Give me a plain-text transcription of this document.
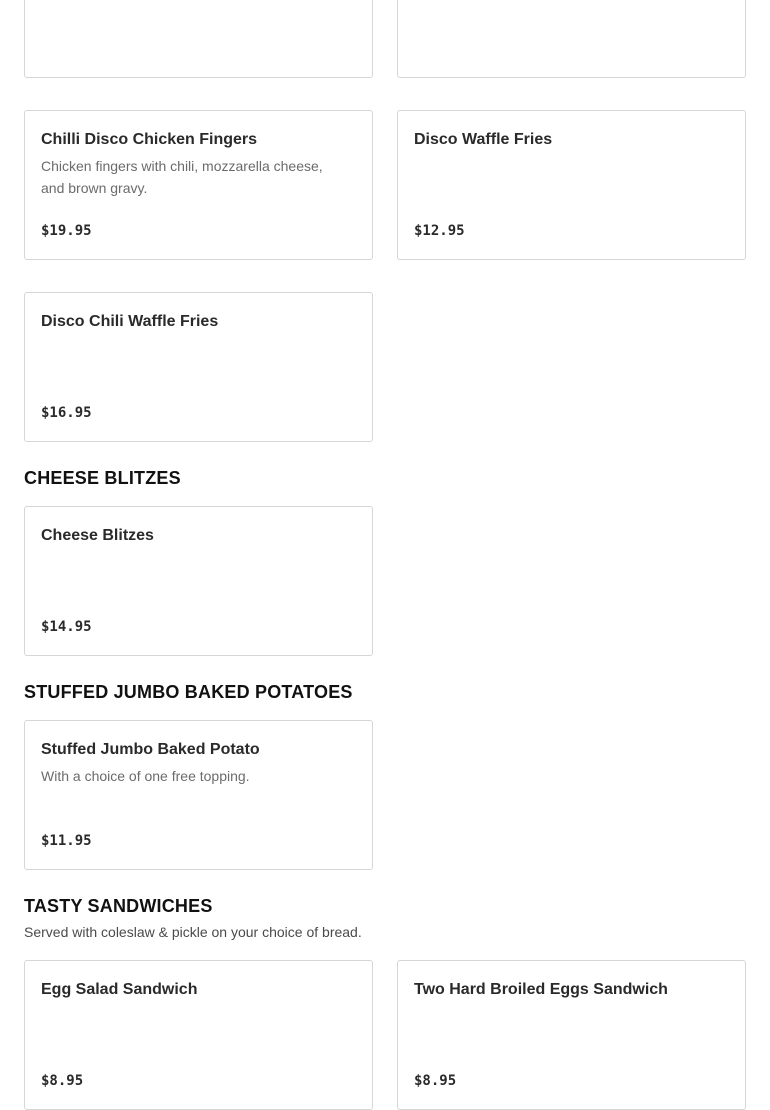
Chilli Disco Chicken Fingers
Chicken fingers with chili, mozzarella cheese, and brown gravy.
$19.95
Disco Waffle Fries
$12.95
Disco Chili Waffle Fries
$16.95
CHEESE BLITZES
Cheese Blitzes
$14.95
STUFFED JUMBO BAKED POTATOES
Stuffed Jumbo Baked Potato
With a choice of one free topping.
$11.95
TASTY SANDWICHES
Served with coleslaw & pickle on your choice of bread.
Egg Salad Sandwich
$8.95
Two Hard Broiled Eggs Sandwich
$8.95
